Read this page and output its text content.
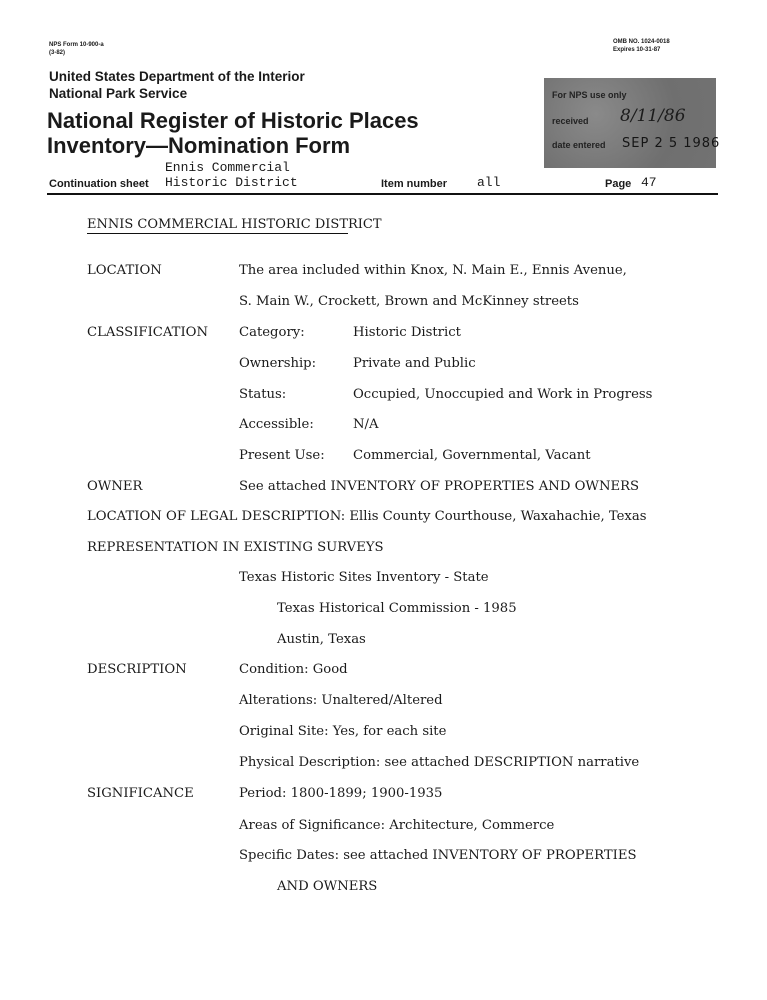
NPS Form 10-900-a
(3-82)
OMB NO. 1024-0018
Expires 10-31-87
United States Department of the Interior
National Park Service
National Register of Historic Places
Inventory—Nomination Form
For NPS use only
received 8/11/86
date entered SEP 2 5 1986
Ennis Commercial
Continuation sheet Historic District	Item number all	Page 47
ENNIS COMMERCIAL HISTORIC DISTRICT
LOCATION	The area included within Knox, N. Main E., Ennis Avenue,
S. Main W., Crockett, Brown and McKinney streets
CLASSIFICATION Category:	Historic District
Ownership:	Private and Public
Status:	Occupied, Unoccupied and Work in Progress
Accessible:	N/A
Present Use: Commercial, Governmental, Vacant
OWNER	See attached INVENTORY OF PROPERTIES AND OWNERS
LOCATION OF LEGAL DESCRIPTION: Ellis County Courthouse, Waxahachie, Texas
REPRESENTATION IN EXISTING SURVEYS
Texas Historic Sites Inventory - State
Texas Historical Commission - 1985
Austin, Texas
DESCRIPTION	Condition: Good
Alterations: Unaltered/Altered
Original Site: Yes, for each site
Physical Description: see attached DESCRIPTION narrative
SIGNIFICANCE	Period: 1800-1899; 1900-1935
Areas of Significance: Architecture, Commerce
Specific Dates: see attached INVENTORY OF PROPERTIES
AND OWNERS
